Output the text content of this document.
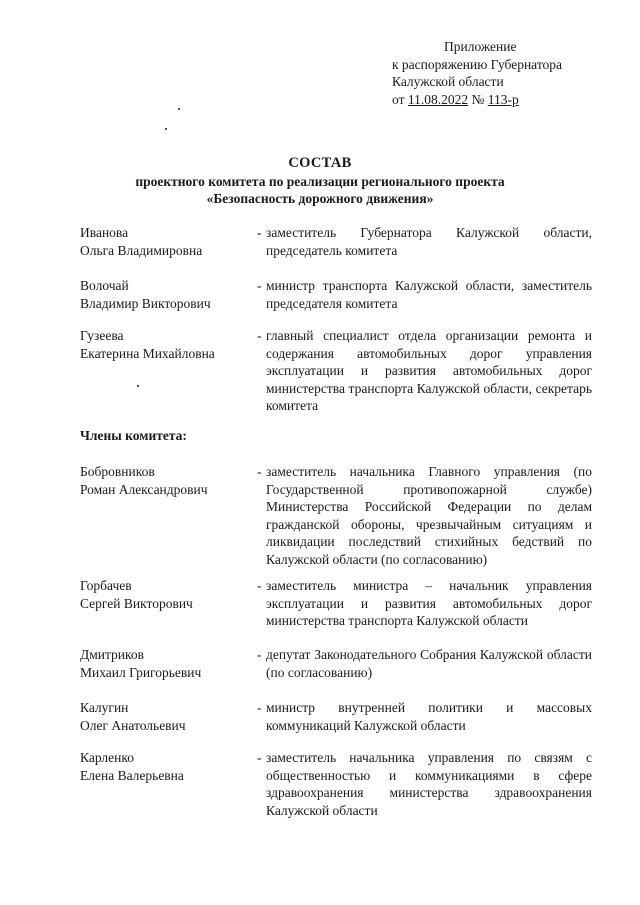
Приложение
к распоряжению Губернатора
Калужской области
от 11.08.2022 № 113-р
СОСТАВ
проектного комитета по реализации регионального проекта
«Безопасность дорожного движения»
Иванова
Ольга Владимировна
- заместитель Губернатора Калужской области, председатель комитета
Волочай
Владимир Викторович
- министр транспорта Калужской области, заместитель председателя комитета
Гузеева
Екатерина Михайловна
- главный специалист отдела организации ремонта и содержания автомобильных дорог управления эксплуатации и развития автомобильных дорог министерства транспорта Калужской области, секретарь комитета
Члены комитета:
Бобровников
Роман Александрович
- заместитель начальника Главного управления (по Государственной противопожарной службе) Министерства Российской Федерации по делам гражданской обороны, чрезвычайным ситуациям и ликвидации последствий стихийных бедствий по Калужской области (по согласованию)
Горбачев
Сергей Викторович
- заместитель министра – начальник управления эксплуатации и развития автомобильных дорог министерства транспорта Калужской области
Дмитриков
Михаил Григорьевич
- депутат Законодательного Собрания Калужской области (по согласованию)
Калугин
Олег Анатольевич
- министр внутренней политики и массовых коммуникаций Калужской области
Карленко
Елена Валерьевна
- заместитель начальника управления по связям с общественностью и коммуникациями в сфере здравоохранения министерства здравоохранения Калужской области
